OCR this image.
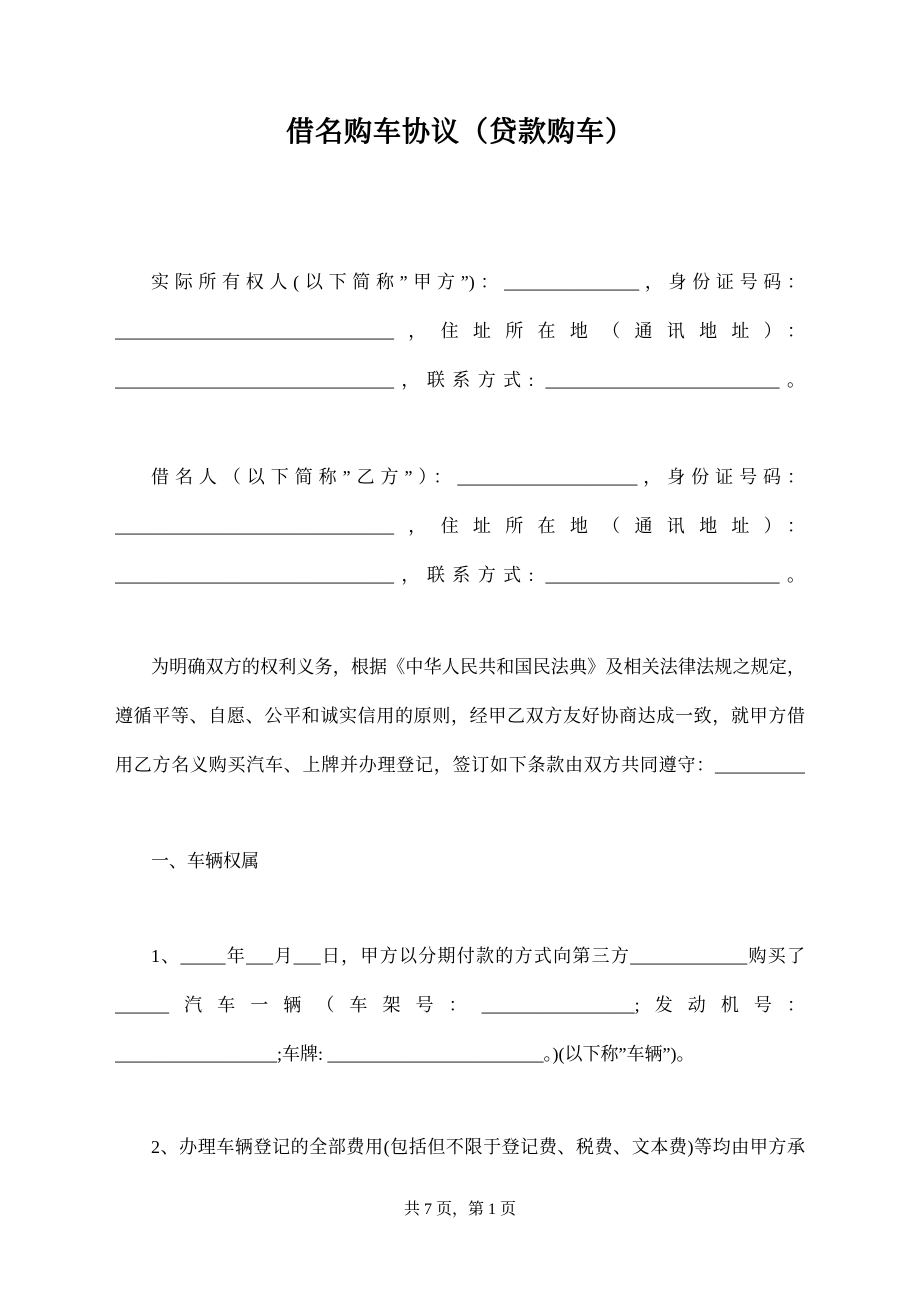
借名购车协议（贷款购车）
实际所有权人(以下简称”甲方”)：_______________，身份证号码：
_______________________________，住址所在地（通讯地址）：
_______________________________，联系方式: __________________________。
借名人（以下简称”乙方”）：____________________，身份证号码：
_______________________________，住址所在地（通讯地址）：
_______________________________，联系方式: __________________________。
为明确双方的权利义务，根据《中华人民共和国民法典》及相关法律法规之规定，
遵循平等、自愿、公平和诚实信用的原则，经甲乙双方友好协商达成一致，就甲方借
用乙方名义购买汽车、上牌并办理登记，签订如下条款由双方共同遵守：__________
一、车辆权属
1、_____年___月___日，甲方以分期付款的方式向第三方_____________购买了
______汽车一辆（车架号：_________________;发动机号：
__________________;车牌: ________________________。)(以下称”车辆”)。
2、办理车辆登记的全部费用(包括但不限于登记费、税费、文本费)等均由甲方承
共 7 页，第 1 页
